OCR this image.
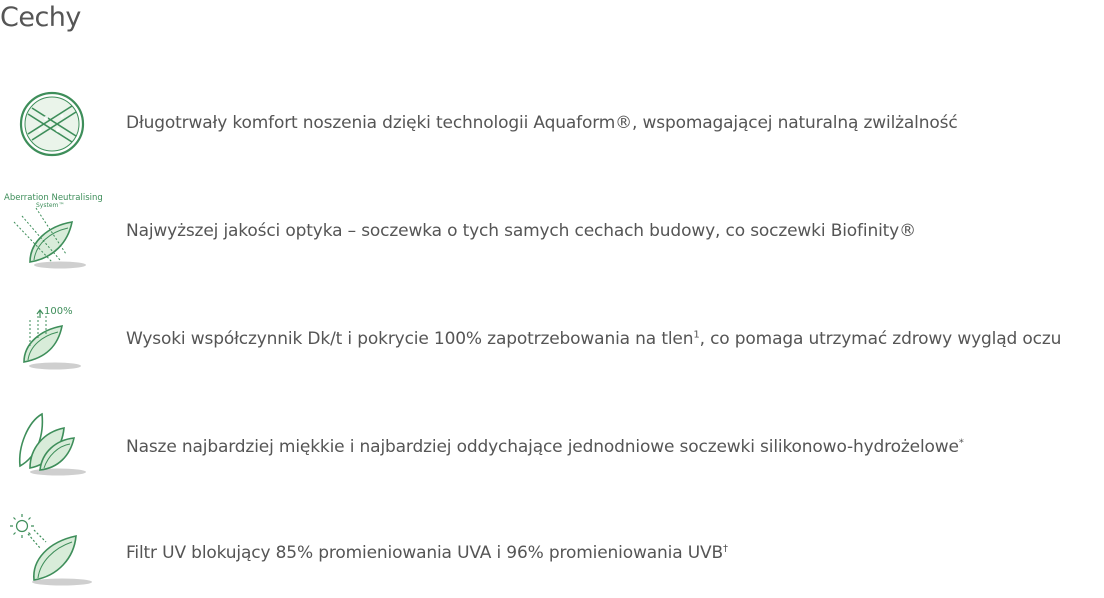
Cechy
Długotrwały komfort noszenia dzięki technologii Aquaform®, wspomagającej naturalną zwilżalność
Aberration Neutralising
System™
Najwyższej jakości optyka – soczewka o tych samych cechach budowy, co soczewki Biofinity®
100%
Wysoki współczynnik Dk/t i pokrycie 100% zapotrzebowania na tlen$^1$, co pomaga utrzymać zdrowy wygląd oczu
Nasze najbardziej miękkie i najbardziej oddychające jednodniowe soczewki silikonowo-hydrożelowe*
Filtr UV blokujący 85% promieniowania UVA i 96% promieniowania UVB†
